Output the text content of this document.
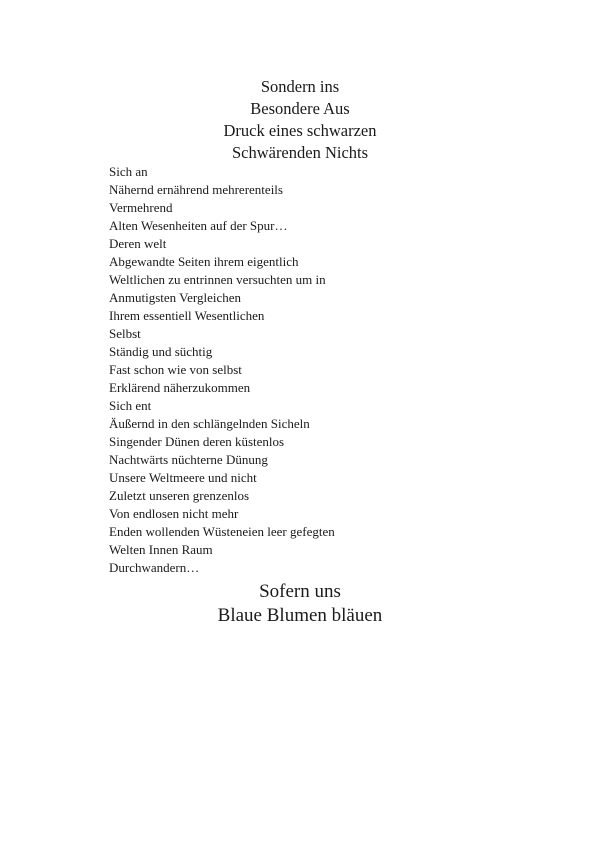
Sondern ins
Besondere Aus
Druck eines schwarzen
Schwärenden Nichts
Sich an
Nähernd ernährend mehrerenteils
Vermehrend
Alten Wesenheiten auf der Spur…
Deren welt
Abgewandte Seiten ihrem eigentlich
Weltlichen zu entrinnen versuchten um in
Anmutigsten Vergleichen
Ihrem essentiell Wesentlichen
Selbst
Ständig und süchtig
Fast schon wie von selbst
Erklärend näherzukommen
Sich ent
Äußernd in den schlängelnden Sicheln
Singender Dünen deren küstenlos
Nachtwärts nüchterne Dünung
Unsere Weltmeere und nicht
Zuletzt unseren grenzenlos
Von endlosen nicht mehr
Enden wollenden Wüsteneien leer gefegten
Welten Innen Raum
Durchwandern…
Sofern uns
Blaue Blumen bläuen
